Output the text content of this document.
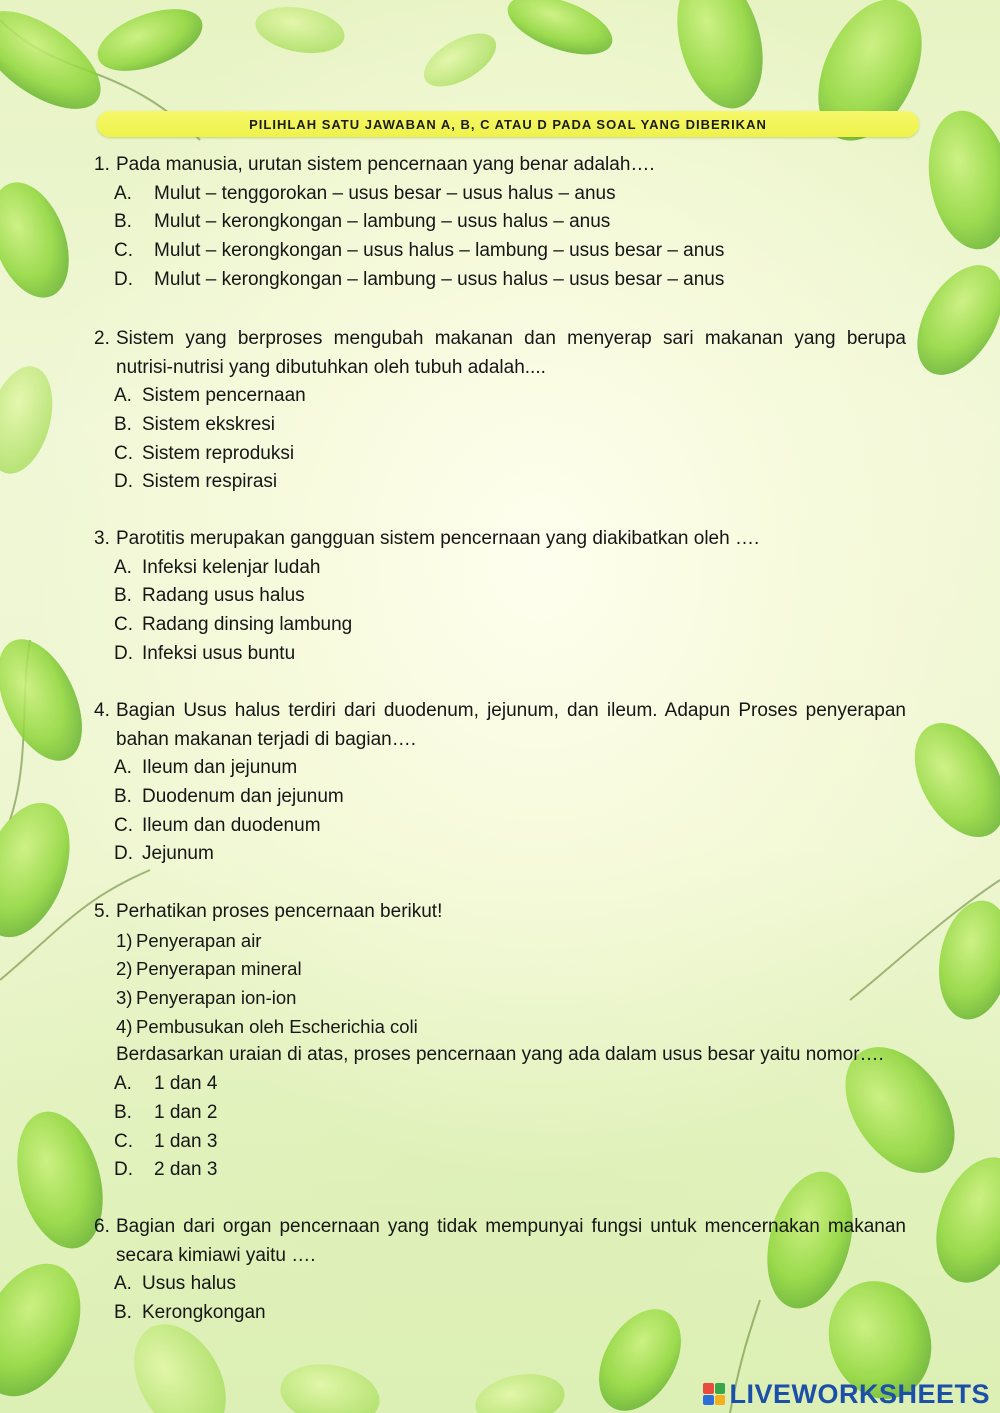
PILIHLAH SATU JAWABAN A, B, C ATAU D PADA SOAL YANG DIBERIKAN
1. Pada manusia, urutan sistem pencernaan yang benar adalah….
A.	Mulut – tenggorokan – usus besar – usus halus – anus
B.	Mulut – kerongkongan – lambung – usus halus – anus
C.	Mulut – kerongkongan – usus halus – lambung – usus besar – anus
D.	Mulut – kerongkongan – lambung – usus halus – usus besar – anus
2. Sistem yang berproses mengubah makanan dan menyerap sari makanan yang berupa nutrisi-nutrisi yang dibutuhkan oleh tubuh adalah....
A. Sistem pencernaan
B. Sistem ekskresi
C. Sistem reproduksi
D. Sistem respirasi
3. Parotitis merupakan gangguan sistem pencernaan yang diakibatkan oleh ….
A. Infeksi kelenjar ludah
B. Radang usus halus
C. Radang dinsing lambung
D. Infeksi usus buntu
4. Bagian Usus halus terdiri dari duodenum, jejunum, dan ileum. Adapun Proses penyerapan bahan makanan terjadi di bagian….
A. Ileum dan jejunum
B. Duodenum dan jejunum
C. Ileum dan duodenum
D. Jejunum
5. Perhatikan proses pencernaan berikut!
1) Penyerapan air
2) Penyerapan mineral
3) Penyerapan ion-ion
4) Pembusukan oleh Escherichia coli
Berdasarkan uraian di atas, proses pencernaan yang ada dalam usus besar yaitu nomor….
A.	1 dan 4
B.	1 dan 2
C.	1 dan 3
D.	2 dan 3
6. Bagian dari organ pencernaan yang tidak mempunyai fungsi untuk mencernakan makanan secara kimiawi yaitu ….
A. Usus halus
B. Kerongkongan
LIVEWORKSHEETS
